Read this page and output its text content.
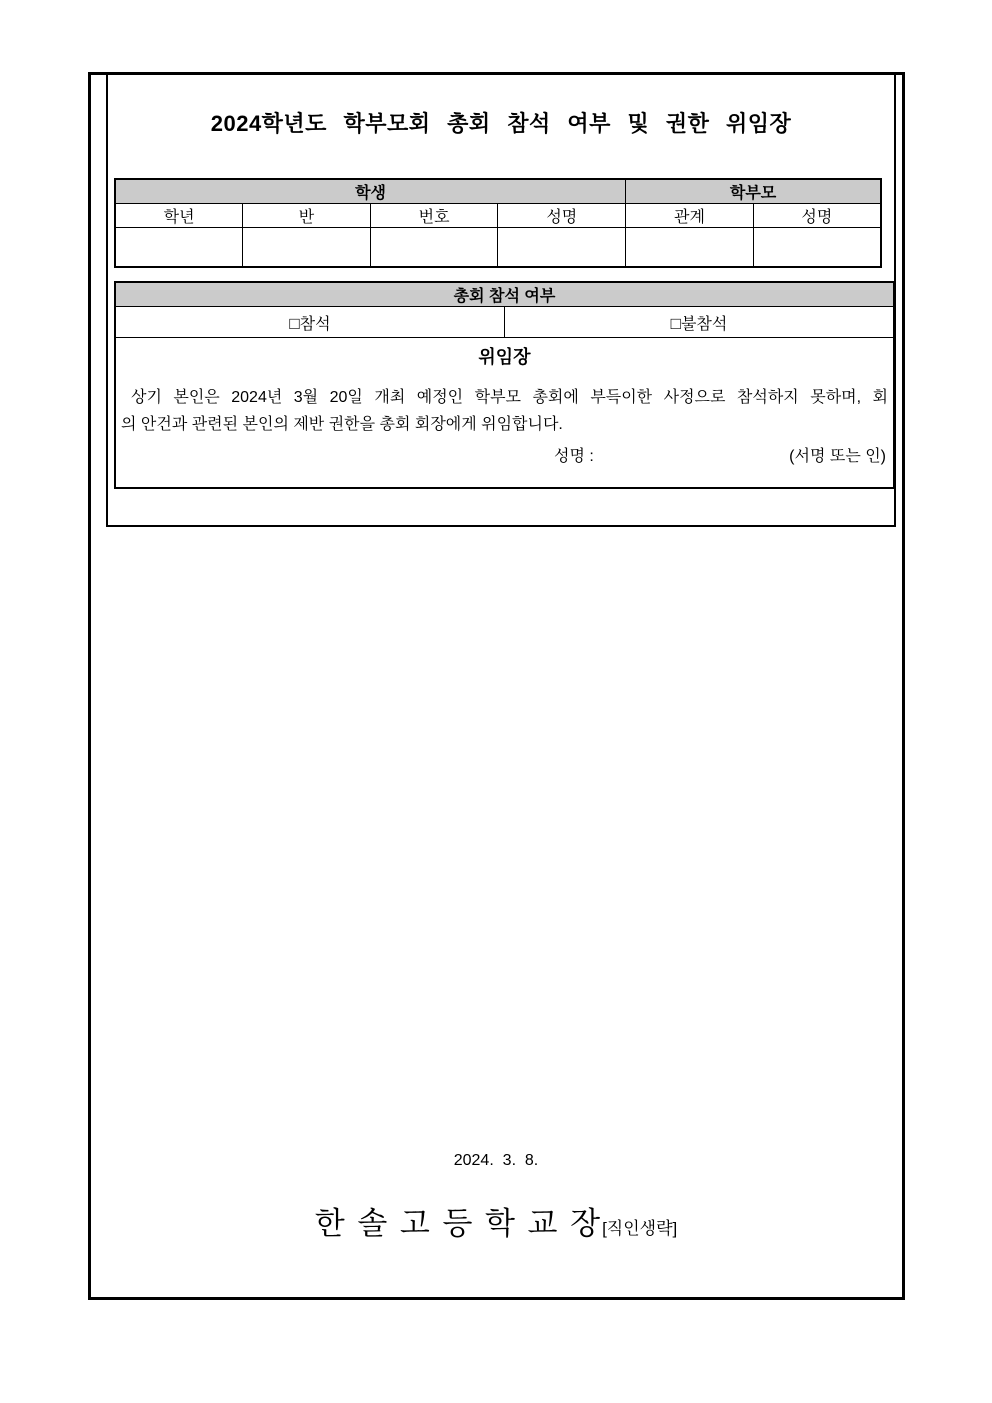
2024학년도 학부모회 총회 참석 여부 및 권한 위임장
학생				학부모	
학년	반	번호	성명	관계	성명

총회 참석 여부
□참석	□불참석

위임장
상기 본인은 2024년 3월 20일 개최 예정인 학부모 총회에 부득이한 사정으로 참석하지 못하며, 회
의 안건과 관련된 본인의 제반 권한을 총회 회장에게 위임합니다.
성명 :	(서명 또는 인)
2024.  3.  8.
한 솔 고 등 학 교 장 [직인생략]
